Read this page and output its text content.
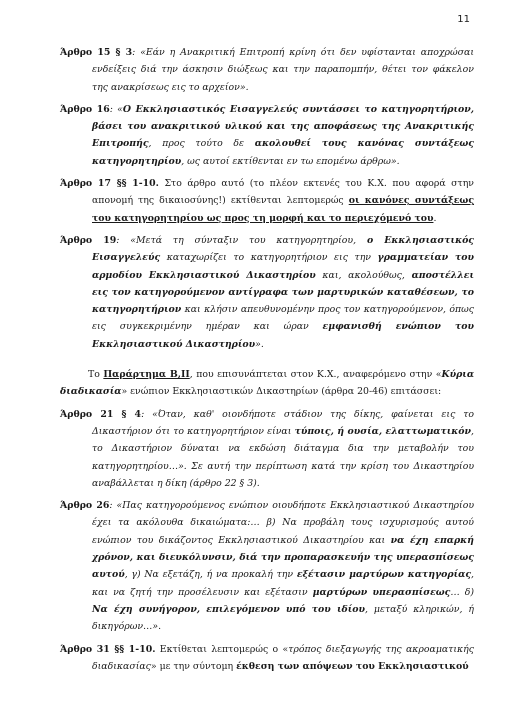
11

Άρθρο 15 § 3: «Εάν η Ανακριτική Επιτροπή κρίνη ότι δεν υφίστανται αποχρώσαι ενδείξεις διά την άσκησιν διώξεως και την παραπομπήν, θέτει τον φάκελον της ανακρίσεως εις το αρχείον».

Άρθρο 16: «Ο Εκκλησιαστικός Εισαγγελεύς συντάσσει το κατηγορητήριον, βάσει του ανακριτικού υλικού και της αποφάσεως της Ανακριτικής Επιτροπής, προς τούτο δε ακολουθεί τους κανόνας συντάξεως κατηγορητηρίου, ως αυτοί εκτίθενται εν τω επομένω άρθρω».

Άρθρο 17 §§ 1-10. Στο άρθρο αυτό (το πλέον εκτενές του Κ.Χ. που αφορά στην απονομή της δικαιοσύνης!) εκτίθενται λεπτομερώς οι κανόνες συντάξεως του κατηγορητηρίου ως προς τη μορφή και το περιεχόμενό του.

Άρθρο 19: «Μετά τη σύνταξιν του κατηγορητηρίου, ο Εκκλησιαστικός Εισαγγελεύς καταχωρίζει το κατηγορητήριον εις την γραμματείαν του αρμοδίου Εκκλησιαστικού Δικαστηρίου και, ακολούθως, αποστέλλει εις τον κατηγορούμενον αντίγραφα των μαρτυρικών καταθέσεων, το κατηγορητήριον και κλήσιν απευθυνομένην προς τον κατηγορούμενον, όπως εις συγκεκριμένην ημέραν και ώραν εμφανισθή ενώπιον του Εκκλησιαστικού Δικαστηρίου».

Το Παράρτημα Β,ΙΙ, που επισυνάπτεται στον Κ.Χ., αναφερόμενο στην «Κύρια διαδικασία» ενώπιον Εκκλησιαστικών Δικαστηρίων (άρθρα 20-46) επιτάσσει:

Άρθρο 21 § 4: «Όταν, καθ' οιονδήποτε στάδιον της δίκης, φαίνεται εις το Δικαστήριον ότι το κατηγορητήριον είναι τύποις, ή ουσία, ελαττωματικόν, το Δικαστήριον δύναται να εκδώση διάταγμα δια την μεταβολήν του κατηγορητηρίου…». Σε αυτή την περίπτωση κατά την κρίση του Δικαστηρίου αναβάλλεται η δίκη (άρθρο 22 § 3).

Άρθρο 26: «Πας κατηγορούμενος ενώπιον οιουδήποτε Εκκλησιαστικού Δικαστηρίου έχει τα ακόλουθα δικαιώματα:… β) Να προβάλη τους ισχυρισμούς αυτού ενώπιον του δικάζοντος Εκκλησιαστικού Δικαστηρίου και να έχη επαρκή χρόνον, και διευκόλυνσιν, διά την προπαρασκευήν της υπερασπίσεως αυτού, γ) Να εξετάζη, ή να προκαλή την εξέτασιν μαρτύρων κατηγορίας, και να ζητή την προσέλευσιν και εξέτασιν μαρτύρων υπερασπίσεως… δ) Να έχη συνήγορον, επιλεγόμενον υπό του ιδίου, μεταξύ κληρικών, ή δικηγόρων…».

Άρθρο 31 §§ 1-10. Εκτίθεται λεπτομερώς ο «τρόπος διεξαγωγής της ακροαματικής διαδικασίας» με την σύντομη έκθεση των απόψεων του Εκκλησιαστικού
